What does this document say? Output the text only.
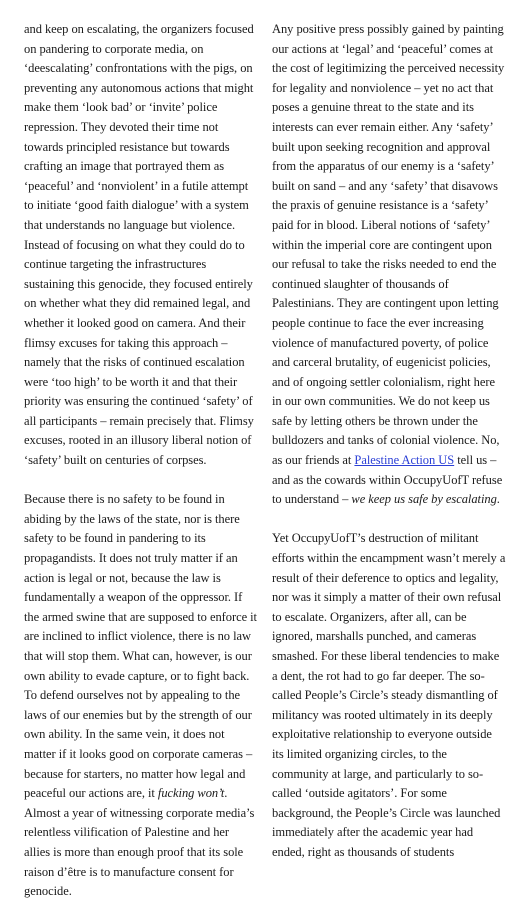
and keep on escalating, the organizers focused on pandering to corporate media, on ‘deescalating’ confrontations with the pigs, on preventing any autonomous actions that might make them ‘look bad’ or ‘invite’ police repression. They devoted their time not towards principled resistance but towards crafting an image that portrayed them as ‘peaceful’ and ‘nonviolent’ in a futile attempt to initiate ‘good faith dialogue’ with a system that understands no language but violence. Instead of focusing on what they could do to continue targeting the infrastructures sustaining this genocide, they focused entirely on whether what they did remained legal, and whether it looked good on camera. And their flimsy excuses for taking this approach – namely that the risks of continued escalation were ‘too high’ to be worth it and that their priority was ensuring the continued ‘safety’ of all participants – remain precisely that. Flimsy excuses, rooted in an illusory liberal notion of ‘safety’ built on centuries of corpses.

Because there is no safety to be found in abiding by the laws of the state, nor is there safety to be found in pandering to its propagandists. It does not truly matter if an action is legal or not, because the law is fundamentally a weapon of the oppressor. If the armed swine that are supposed to enforce it are inclined to inflict violence, there is no law that will stop them. What can, however, is our own ability to evade capture, or to fight back. To defend ourselves not by appealing to the laws of our enemies but by the strength of our own ability. In the same vein, it does not matter if it looks good on corporate cameras – because for starters, no matter how legal and peaceful our actions are, it fucking won’t. Almost a year of witnessing corporate media’s relentless vilification of Palestine and her allies is more than enough proof that its sole raison d’être is to manufacture consent for genocide.

Any positive press possibly gained by painting our actions at ‘legal’ and ‘peaceful’ comes at the cost of legitimizing the perceived necessity for legality and nonviolence – yet no act that poses a genuine threat to the state and its interests can ever remain either. Any ‘safety’ built upon seeking recognition and approval from the apparatus of our enemy is a ‘safety’ built on sand – and any ‘safety’ that disavows the praxis of genuine resistance is a ‘safety’ paid for in blood. Liberal notions of ‘safety’ within the imperial core are contingent upon our refusal to take the risks needed to end the continued slaughter of thousands of Palestinians. They are contingent upon letting people continue to face the ever increasing violence of manufactured poverty, of police and carceral brutality, of eugenicist policies, and of ongoing settler colonialism, right here in our own communities. We do not keep us safe by letting others be thrown under the bulldozers and tanks of colonial violence. No, as our friends at Palestine Action US tell us – and as the cowards within OccupyUofT refuse to understand – we keep us safe by escalating.

Yet OccupyUofT’s destruction of militant efforts within the encampment wasn’t merely a result of their deference to optics and legality, nor was it simply a matter of their own refusal to escalate. Organizers, after all, can be ignored, marshalls punched, and cameras smashed. For these liberal tendencies to make a dent, the rot had to go far deeper. The so-called People’s Circle’s steady dismantling of militancy was rooted ultimately in its deeply exploitative relationship to everyone outside its limited organizing circles, to the community at large, and particularly to so-called ‘outside agitators’. For some background, the People’s Circle was launched immediately after the academic year had ended, right as thousands of students
